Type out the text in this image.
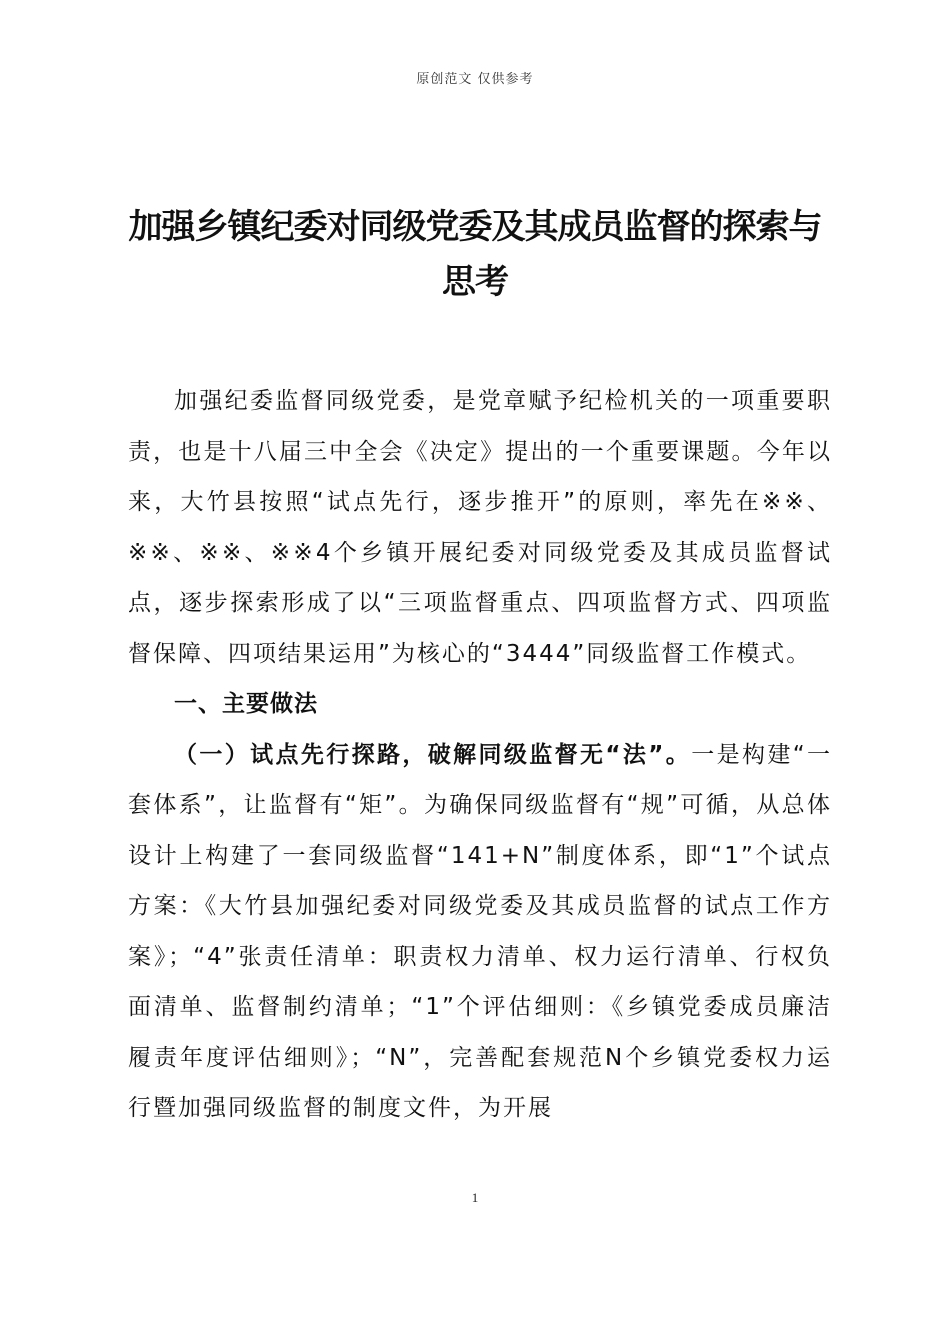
原创范文 仅供参考
加强乡镇纪委对同级党委及其成员监督的探索与思考

加强纪委监督同级党委，是党章赋予纪检机关的一项重要职责，也是十八届三中全会《决定》提出的一个重要课题。今年以来，大竹县按照“试点先行，逐步推开”的原则，率先在※※、※※、※※、※※4个乡镇开展纪委对同级党委及其成员监督试点，逐步探索形成了以“三项监督重点、四项监督方式、四项监督保障、四项结果运用”为核心的“3444”同级监督工作模式。

一、主要做法

（一）试点先行探路，破解同级监督无“法”。一是构建“一套体系”，让监督有“矩”。为确保同级监督有“规”可循，从总体设计上构建了一套同级监督“141+N”制度体系，即“1”个试点方案：《大竹县加强纪委对同级党委及其成员监督的试点工作方案》；“4”张责任清单：职责权力清单、权力运行清单、行权负面清单、监督制约清单；“1”个评估细则：《乡镇党委成员廉洁履责年度评估细则》；“N”，完善配套规范N个乡镇党委权力运行暨加强同级监督的制度文件，为开展

1
